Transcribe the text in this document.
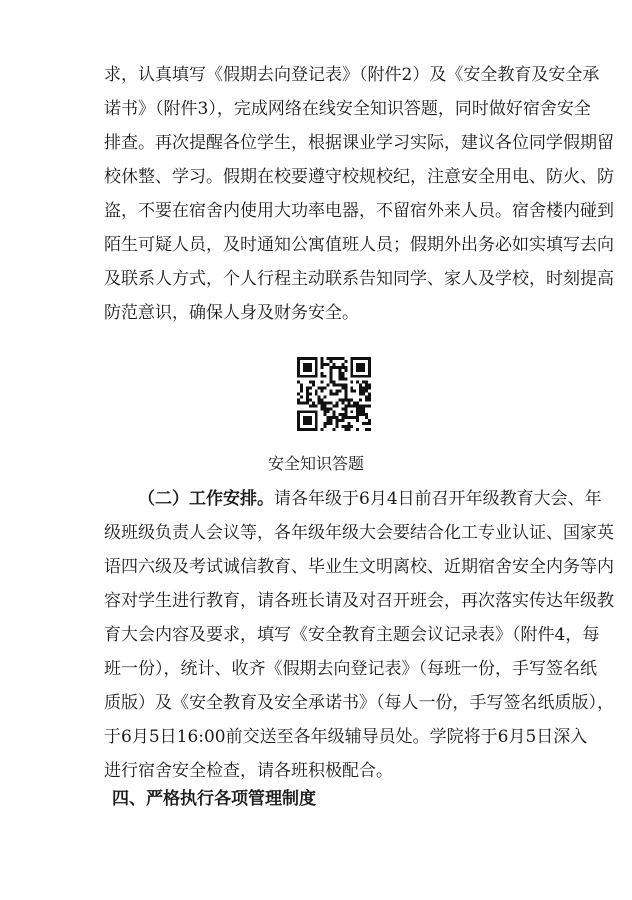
求，认真填写《假期去向登记表》（附件2）及《安全教育及安全承
诺书》（附件3），完成网络在线安全知识答题，同时做好宿舍安全
排查。再次提醒各位学生，根据课业学习实际，建议各位同学假期留
校休整、学习。假期在校要遵守校规校纪，注意安全用电、防火、防
盗，不要在宿舍内使用大功率电器，不留宿外来人员。宿舍楼内碰到
陌生可疑人员，及时通知公寓值班人员；假期外出务必如实填写去向
及联系人方式，个人行程主动联系告知同学、家人及学校，时刻提高
防范意识，确保人身及财务安全。
安全知识答题
（二）工作安排。请各年级于6月4日前召开年级教育大会、年
级班级负责人会议等，各年级年级大会要结合化工专业认证、国家英
语四六级及考试诚信教育、毕业生文明离校、近期宿舍安全内务等内
容对学生进行教育，请各班长请及对召开班会，再次落实传达年级教
育大会内容及要求，填写《安全教育主题会议记录表》（附件4，每
班一份），统计、收齐《假期去向登记表》（每班一份，手写签名纸
质版）及《安全教育及安全承诺书》（每人一份，手写签名纸质版），
于6月5日16:00前交送至各年级辅导员处。学院将于6月5日深入
进行宿舍安全检查，请各班积极配合。
四、严格执行各项管理制度
